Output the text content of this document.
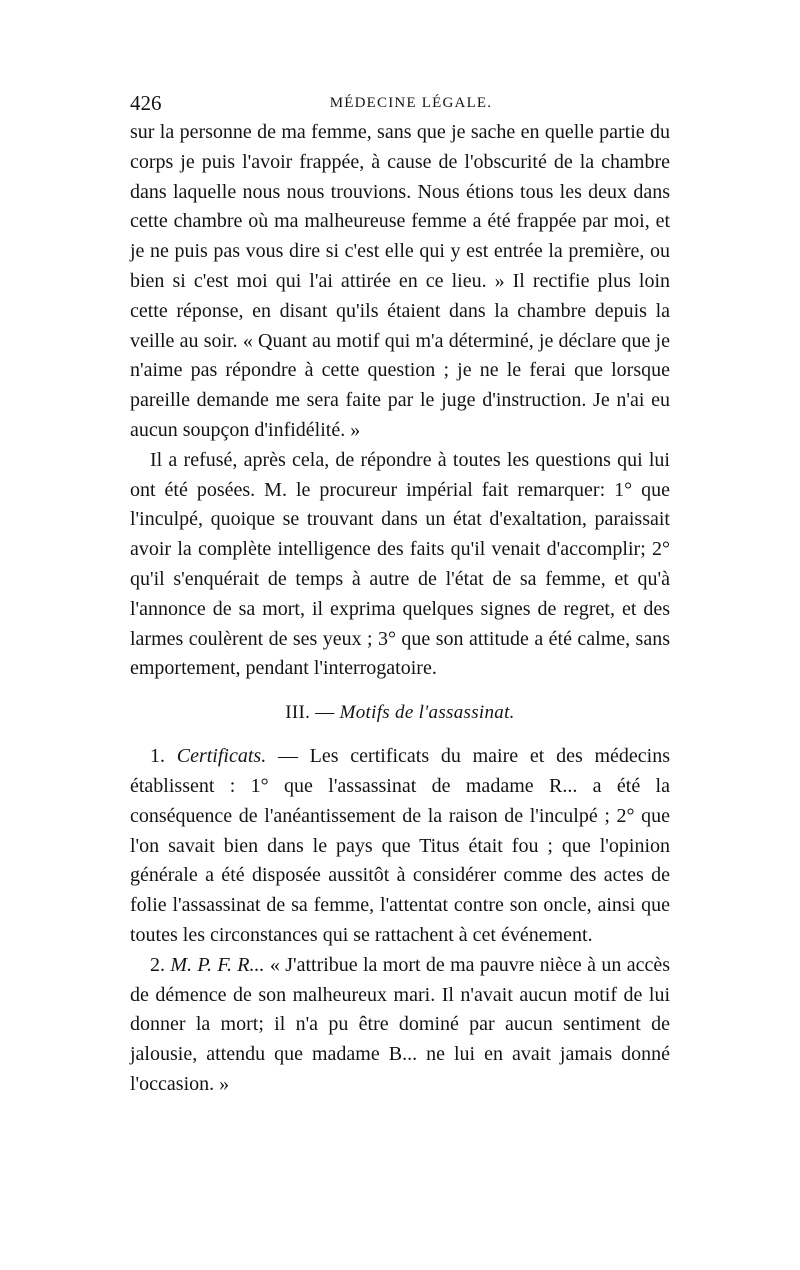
426	MÉDECINE LÉGALE.

sur la personne de ma femme, sans que je sache en quelle partie du corps je puis l'avoir frappée, à cause de l'obscurité de la chambre dans laquelle nous nous trouvions. Nous étions tous les deux dans cette chambre où ma malheureuse femme a été frappée par moi, et je ne puis pas vous dire si c'est elle qui y est entrée la première, ou bien si c'est moi qui l'ai attirée en ce lieu. » Il rectifie plus loin cette réponse, en disant qu'ils étaient dans la chambre depuis la veille au soir. « Quant au motif qui m'a déterminé, je déclare que je n'aime pas répondre à cette question ; je ne le ferai que lorsque pareille demande me sera faite par le juge d'instruction. Je n'ai eu aucun soupçon d'infidélité. »

Il a refusé, après cela, de répondre à toutes les questions qui lui ont été posées. M. le procureur impérial fait remarquer: 1° que l'inculpé, quoique se trouvant dans un état d'exaltation, paraissait avoir la complète intelligence des faits qu'il venait d'accomplir; 2° qu'il s'enquérait de temps à autre de l'état de sa femme, et qu'à l'annonce de sa mort, il exprima quelques signes de regret, et des larmes coulèrent de ses yeux ; 3° que son attitude a été calme, sans emportement, pendant l'interrogatoire.

III. — Motifs de l'assassinat.

1. Certificats. — Les certificats du maire et des médecins établissent : 1° que l'assassinat de madame R... a été la conséquence de l'anéantissement de la raison de l'inculpé ; 2° que l'on savait bien dans le pays que Titus était fou ; que l'opinion générale a été disposée aussitôt à considérer comme des actes de folie l'assassinat de sa femme, l'attentat contre son oncle, ainsi que toutes les circonstances qui se rattachent à cet événement.

2. M. P. F. R... « J'attribue la mort de ma pauvre nièce à un accès de démence de son malheureux mari. Il n'avait aucun motif de lui donner la mort; il n'a pu être dominé par aucun sentiment de jalousie, attendu que madame B... ne lui en avait jamais donné l'occasion. »
